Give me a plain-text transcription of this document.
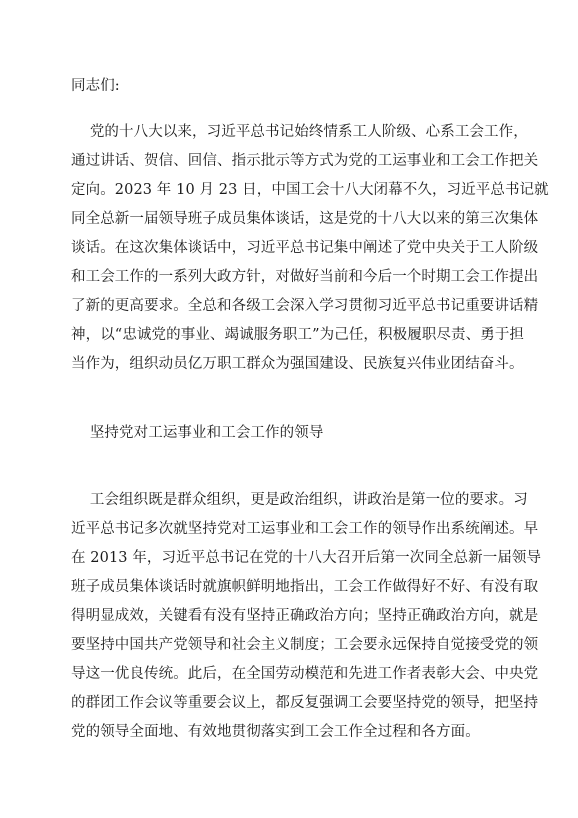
同志们:
党的十八大以来，习近平总书记始终情系工人阶级、心系工会工作，
通过讲话、贺信、回信、指示批示等方式为党的工运事业和工会工作把关
定向。2023 年 10 月 23 日，中国工会十八大闭幕不久，习近平总书记就
同全总新一届领导班子成员集体谈话，这是党的十八大以来的第三次集体
谈话。在这次集体谈话中，习近平总书记集中阐述了党中央关于工人阶级
和工会工作的一系列大政方针，对做好当前和今后一个时期工会工作提出
了新的更高要求。全总和各级工会深入学习贯彻习近平总书记重要讲话精
神，以“忠诚党的事业、竭诚服务职工”为己任，积极履职尽责、勇于担
当作为，组织动员亿万职工群众为强国建设、民族复兴伟业团结奋斗。
坚持党对工运事业和工会工作的领导
工会组织既是群众组织，更是政治组织，讲政治是第一位的要求。习
近平总书记多次就坚持党对工运事业和工会工作的领导作出系统阐述。早
在 2013 年，习近平总书记在党的十八大召开后第一次同全总新一届领导
班子成员集体谈话时就旗帜鲜明地指出，工会工作做得好不好、有没有取
得明显成效，关键看有没有坚持正确政治方向；坚持正确政治方向，就是
要坚持中国共产党领导和社会主义制度；工会要永远保持自觉接受党的领
导这一优良传统。此后，在全国劳动模范和先进工作者表彰大会、中央党
的群团工作会议等重要会议上，都反复强调工会要坚持党的领导，把坚持
党的领导全面地、有效地贯彻落实到工会工作全过程和各方面。
